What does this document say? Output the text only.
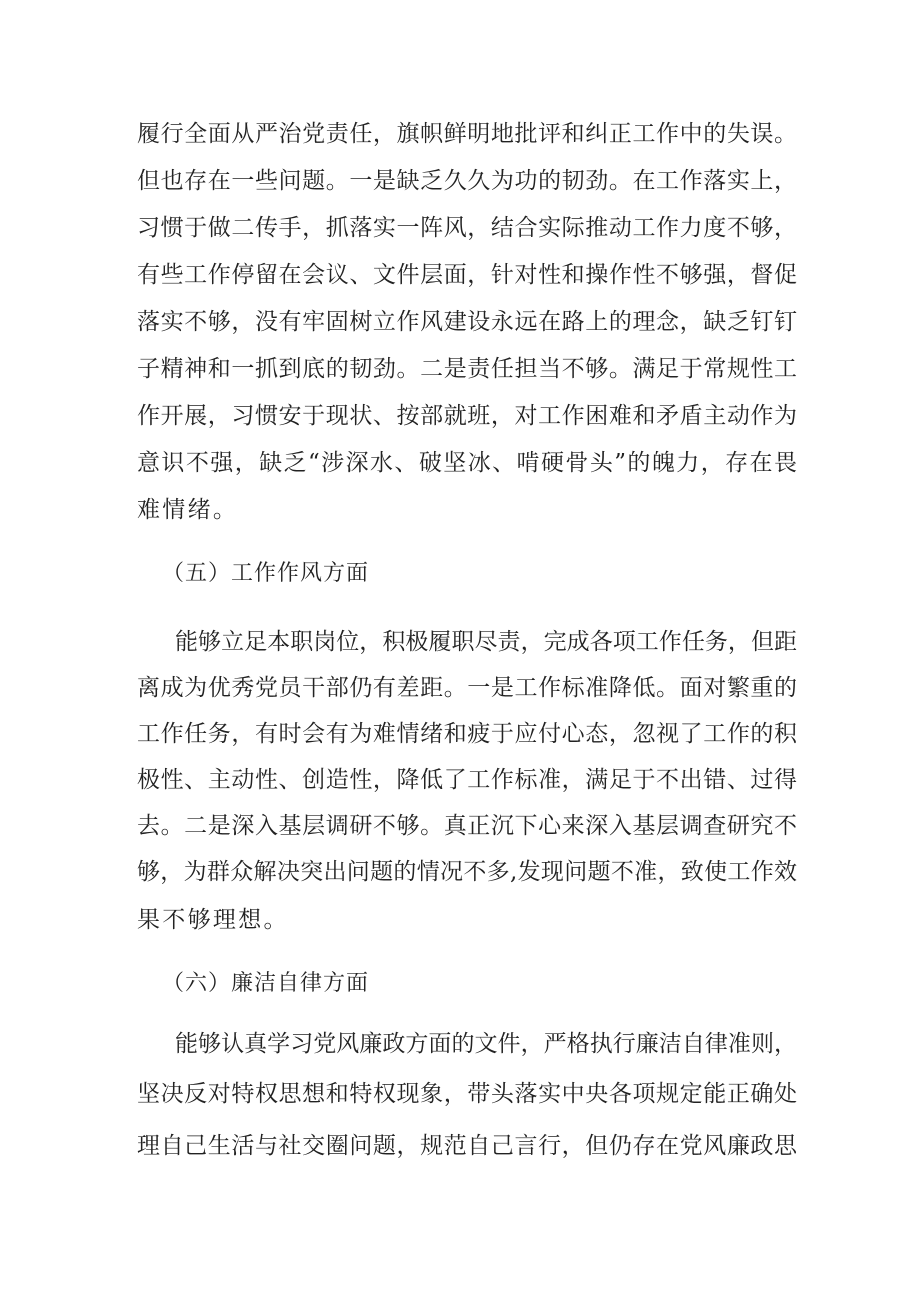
履行全面从严治党责任，旗帜鲜明地批评和纠正工作中的失误。
但也存在一些问题。一是缺乏久久为功的韧劲。在工作落实上，
习惯于做二传手，抓落实一阵风，结合实际推动工作力度不够，
有些工作停留在会议、文件层面，针对性和操作性不够强，督促
落实不够，没有牢固树立作风建设永远在路上的理念，缺乏钉钉
子精神和一抓到底的韧劲。二是责任担当不够。满足于常规性工
作开展，习惯安于现状、按部就班，对工作困难和矛盾主动作为
意识不强，缺乏“涉深水、破坚冰、啃硬骨头”的魄力，存在畏
难情绪。
（五）工作作风方面
能够立足本职岗位，积极履职尽责，完成各项工作任务，但距
离成为优秀党员干部仍有差距。一是工作标准降低。面对繁重的
工作任务，有时会有为难情绪和疲于应付心态，忽视了工作的积
极性、主动性、创造性，降低了工作标准，满足于不出错、过得
去。二是深入基层调研不够。真正沉下心来深入基层调查研究不
够，为群众解决突出问题的情况不多,发现问题不准，致使工作效
果不够理想。
（六）廉洁自律方面
能够认真学习党风廉政方面的文件，严格执行廉洁自律准则，
坚决反对特权思想和特权现象，带头落实中央各项规定能正确处
理自己生活与社交圈问题，规范自己言行，但仍存在党风廉政思
